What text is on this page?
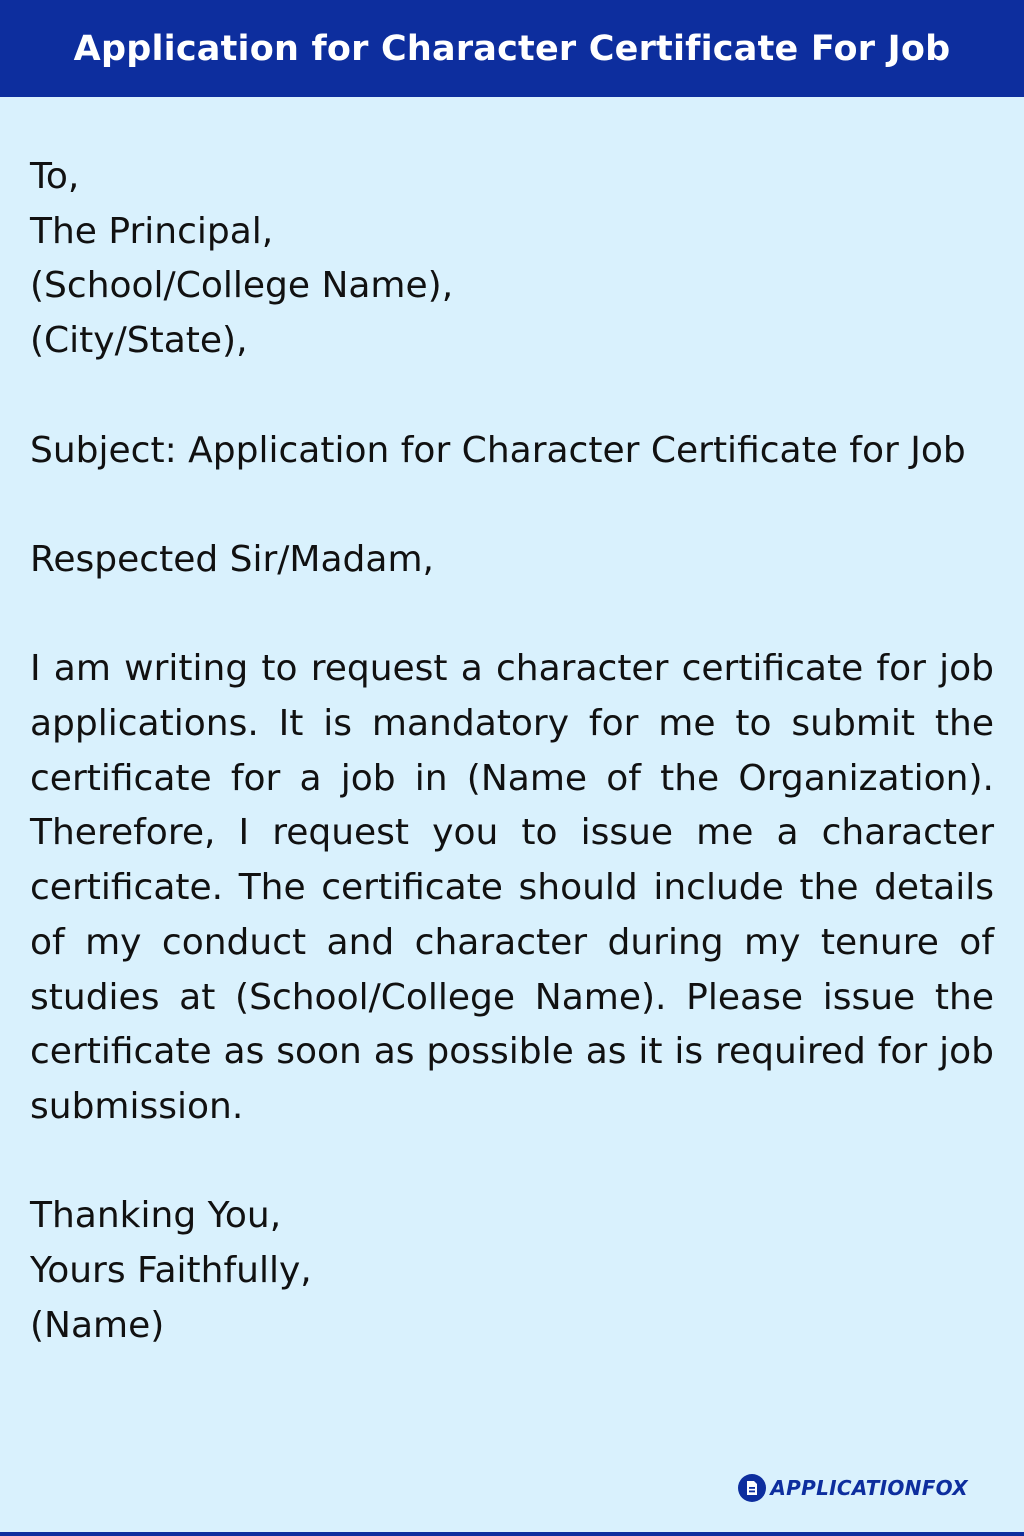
Application for Character Certificate For Job
To,
The Principal,
(School/College Name),
(City/State),
Subject: Application for Character Certificate for Job
Respected Sir/Madam,
I am writing to request a character certificate for job applications. It is mandatory for me to submit the certificate for a job in (Name of the Organization). Therefore, I request you to issue me a character certificate. The certificate should include the details of my conduct and character during my tenure of studies at (School/College Name). Please issue the certificate as soon as possible as it is required for job submission.
Thanking You,
Yours Faithfully,
(Name)
APPLICATIONFOX
